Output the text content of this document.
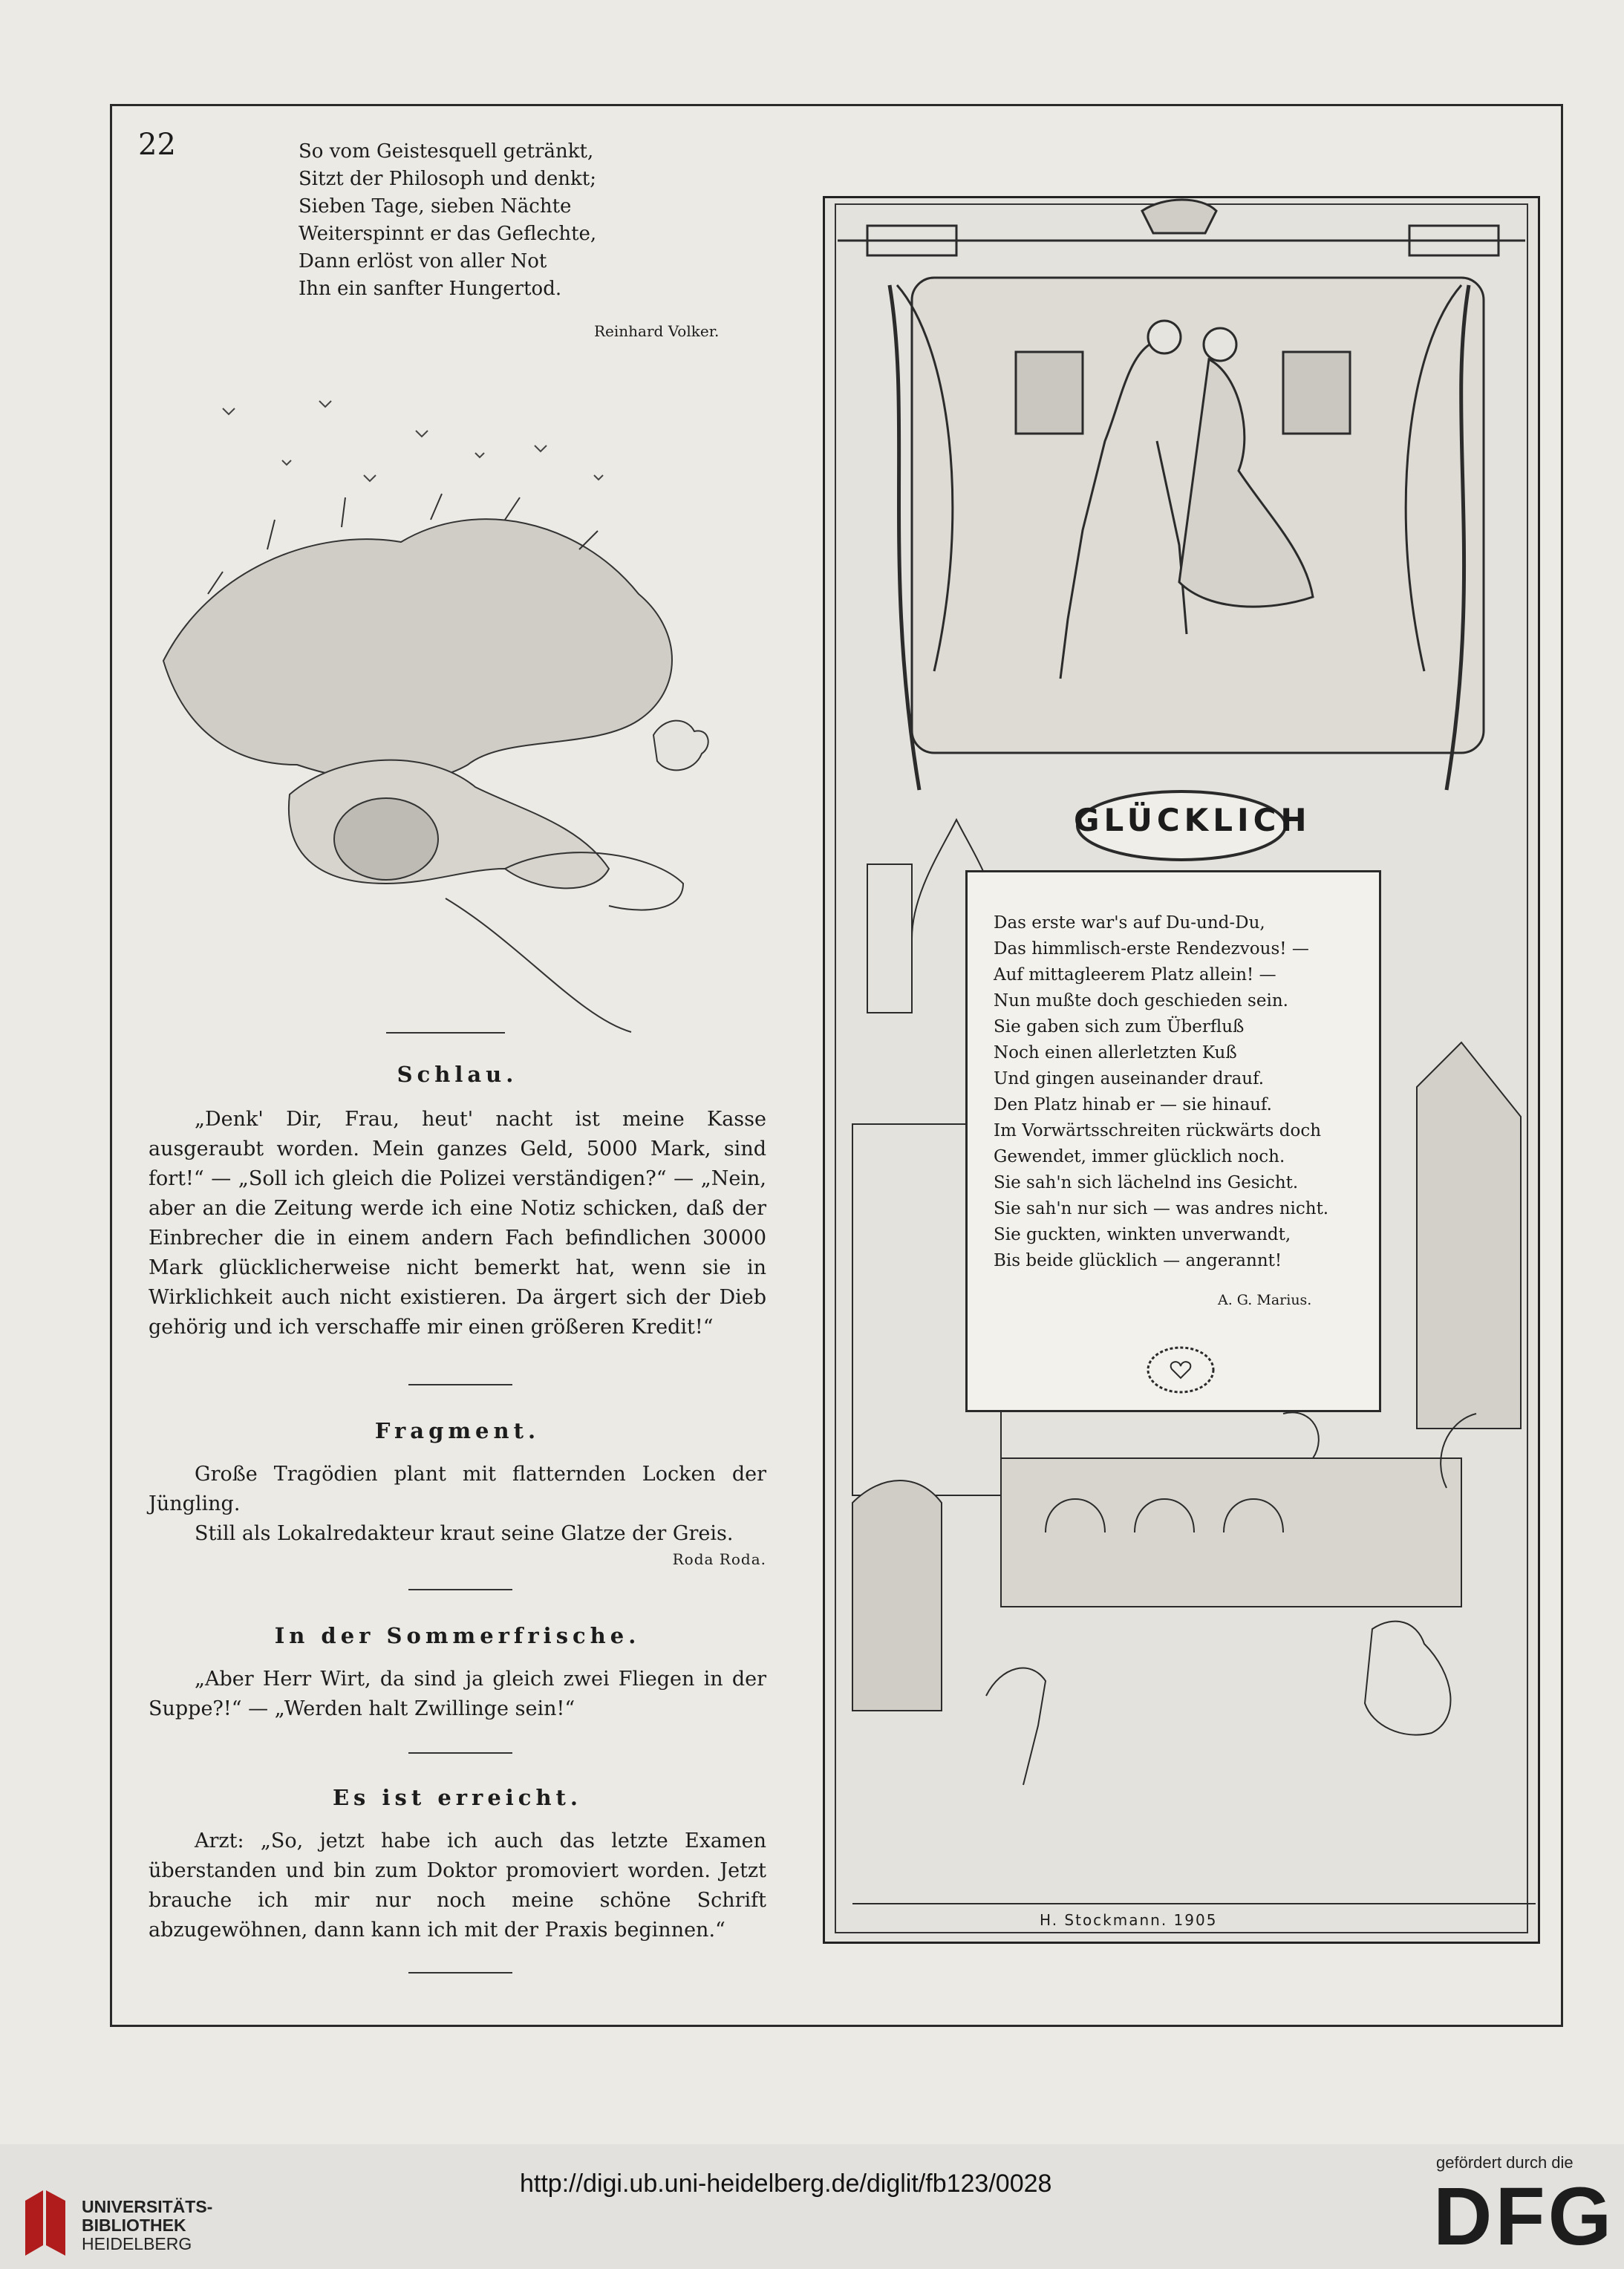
22	So vom Geistesquell getränkt,
Sitzt der Philosoph und denkt;
Sieben Tage, sieben Nächte
Weiterspinnt er das Geflechte,
Dann erlöst von aller Not
Ihn ein sanfter Hungertod.
Reinhard Volker.
Schlau.
„Denk' Dir, Frau, heut' nacht ist meine Kasse ausgeraubt worden. Mein ganzes Geld, 5000 Mark, sind fort!“ — „Soll ich gleich die Polizei verständigen?“ — „Nein, aber an die Zeitung werde ich eine Notiz schicken, daß der Einbrecher die in einem andern Fach befindlichen 30000 Mark glücklicherweise nicht bemerkt hat, wenn sie in Wirklichkeit auch nicht existieren. Da ärgert sich der Dieb gehörig und ich verschaffe mir einen größeren Kredit!“
Fragment.
Große Tragödien plant mit flatternden Locken der Jüngling.
Still als Lokalredakteur kraut seine Glatze der Greis.
Roda Roda.
In der Sommerfrische.
„Aber Herr Wirt, da sind ja gleich zwei Fliegen in der Suppe?!“ — „Werden halt Zwillinge sein!“
Es ist erreicht.
Arzt: „So, jetzt habe ich auch das letzte Examen überstanden und bin zum Doktor promoviert worden. Jetzt brauche ich mir nur noch meine schöne Schrift abzugewöhnen, dann kann ich mit der Praxis beginnen.“
GLÜCKLICH
Das erste war's auf Du-und-Du,
Das himmlisch-erste Rendezvous! —
Auf mittagleerem Platz allein! —
Nun mußte doch geschieden sein.
Sie gaben sich zum Überfluß
Noch einen allerletzten Kuß
Und gingen auseinander drauf.
Den Platz hinab er — sie hinauf.
Im Vorwärtsschreiten rückwärts doch
Gewendet, immer glücklich noch.
Sie sah'n sich lächelnd ins Gesicht.
Sie sah'n nur sich — was andres nicht.
Sie guckten, winkten unverwandt,
Bis beide glücklich — angerannt!
A. G. Marius.
H. Stockmann. 1905
UNIVERSITÄTS-
BIBLIOTHEK
HEIDELBERG
http://digi.ub.uni-heidelberg.de/diglit/fb123/0028
gefördert durch die
DFG
